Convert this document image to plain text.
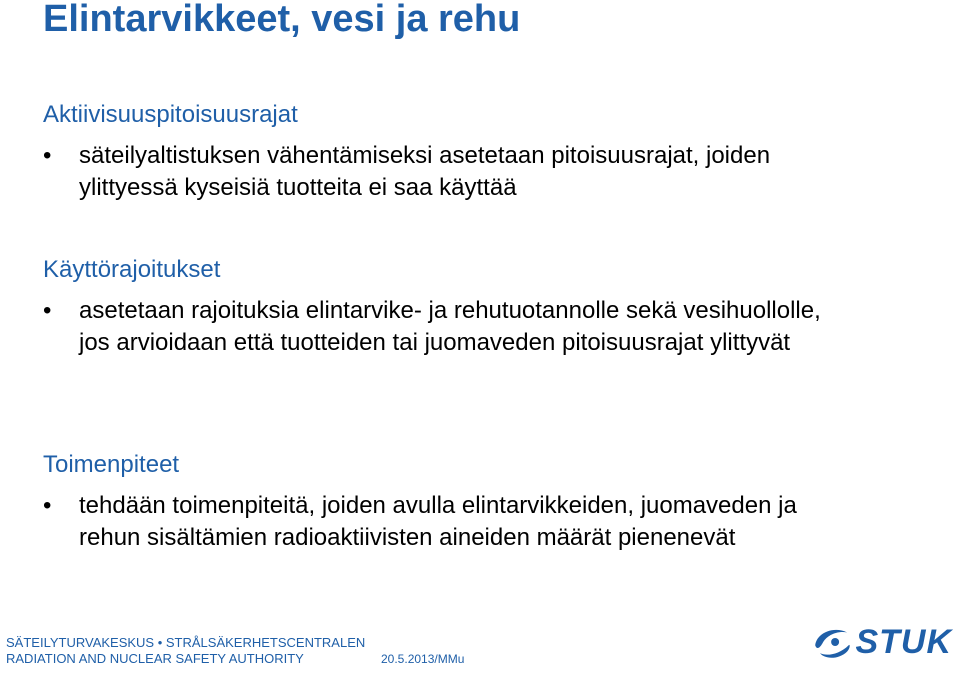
Elintarvikkeet, vesi ja rehu
Aktiivisuuspitoisuusrajat
• säteilyaltistuksen vähentämiseksi asetetaan pitoisuusrajat, joiden ylittyessä kyseisiä tuotteita ei saa käyttää
Käyttörajoitukset
• asetetaan rajoituksia elintarvike- ja rehutuotannolle sekä vesihuollolle, jos arvioidaan että tuotteiden tai juomaveden pitoisuusrajat ylittyvät
Toimenpiteet
• tehdään toimenpiteitä, joiden avulla elintarvikkeiden, juomaveden ja rehun sisältämien radioaktiivisten aineiden määrät pienenevät
SÄTEILYTURVAKESKUS • STRÅLSÄKERHETSCENTRALEN
RADIATION AND NUCLEAR SAFETY AUTHORITY	20.5.2013/MMu	STUK
